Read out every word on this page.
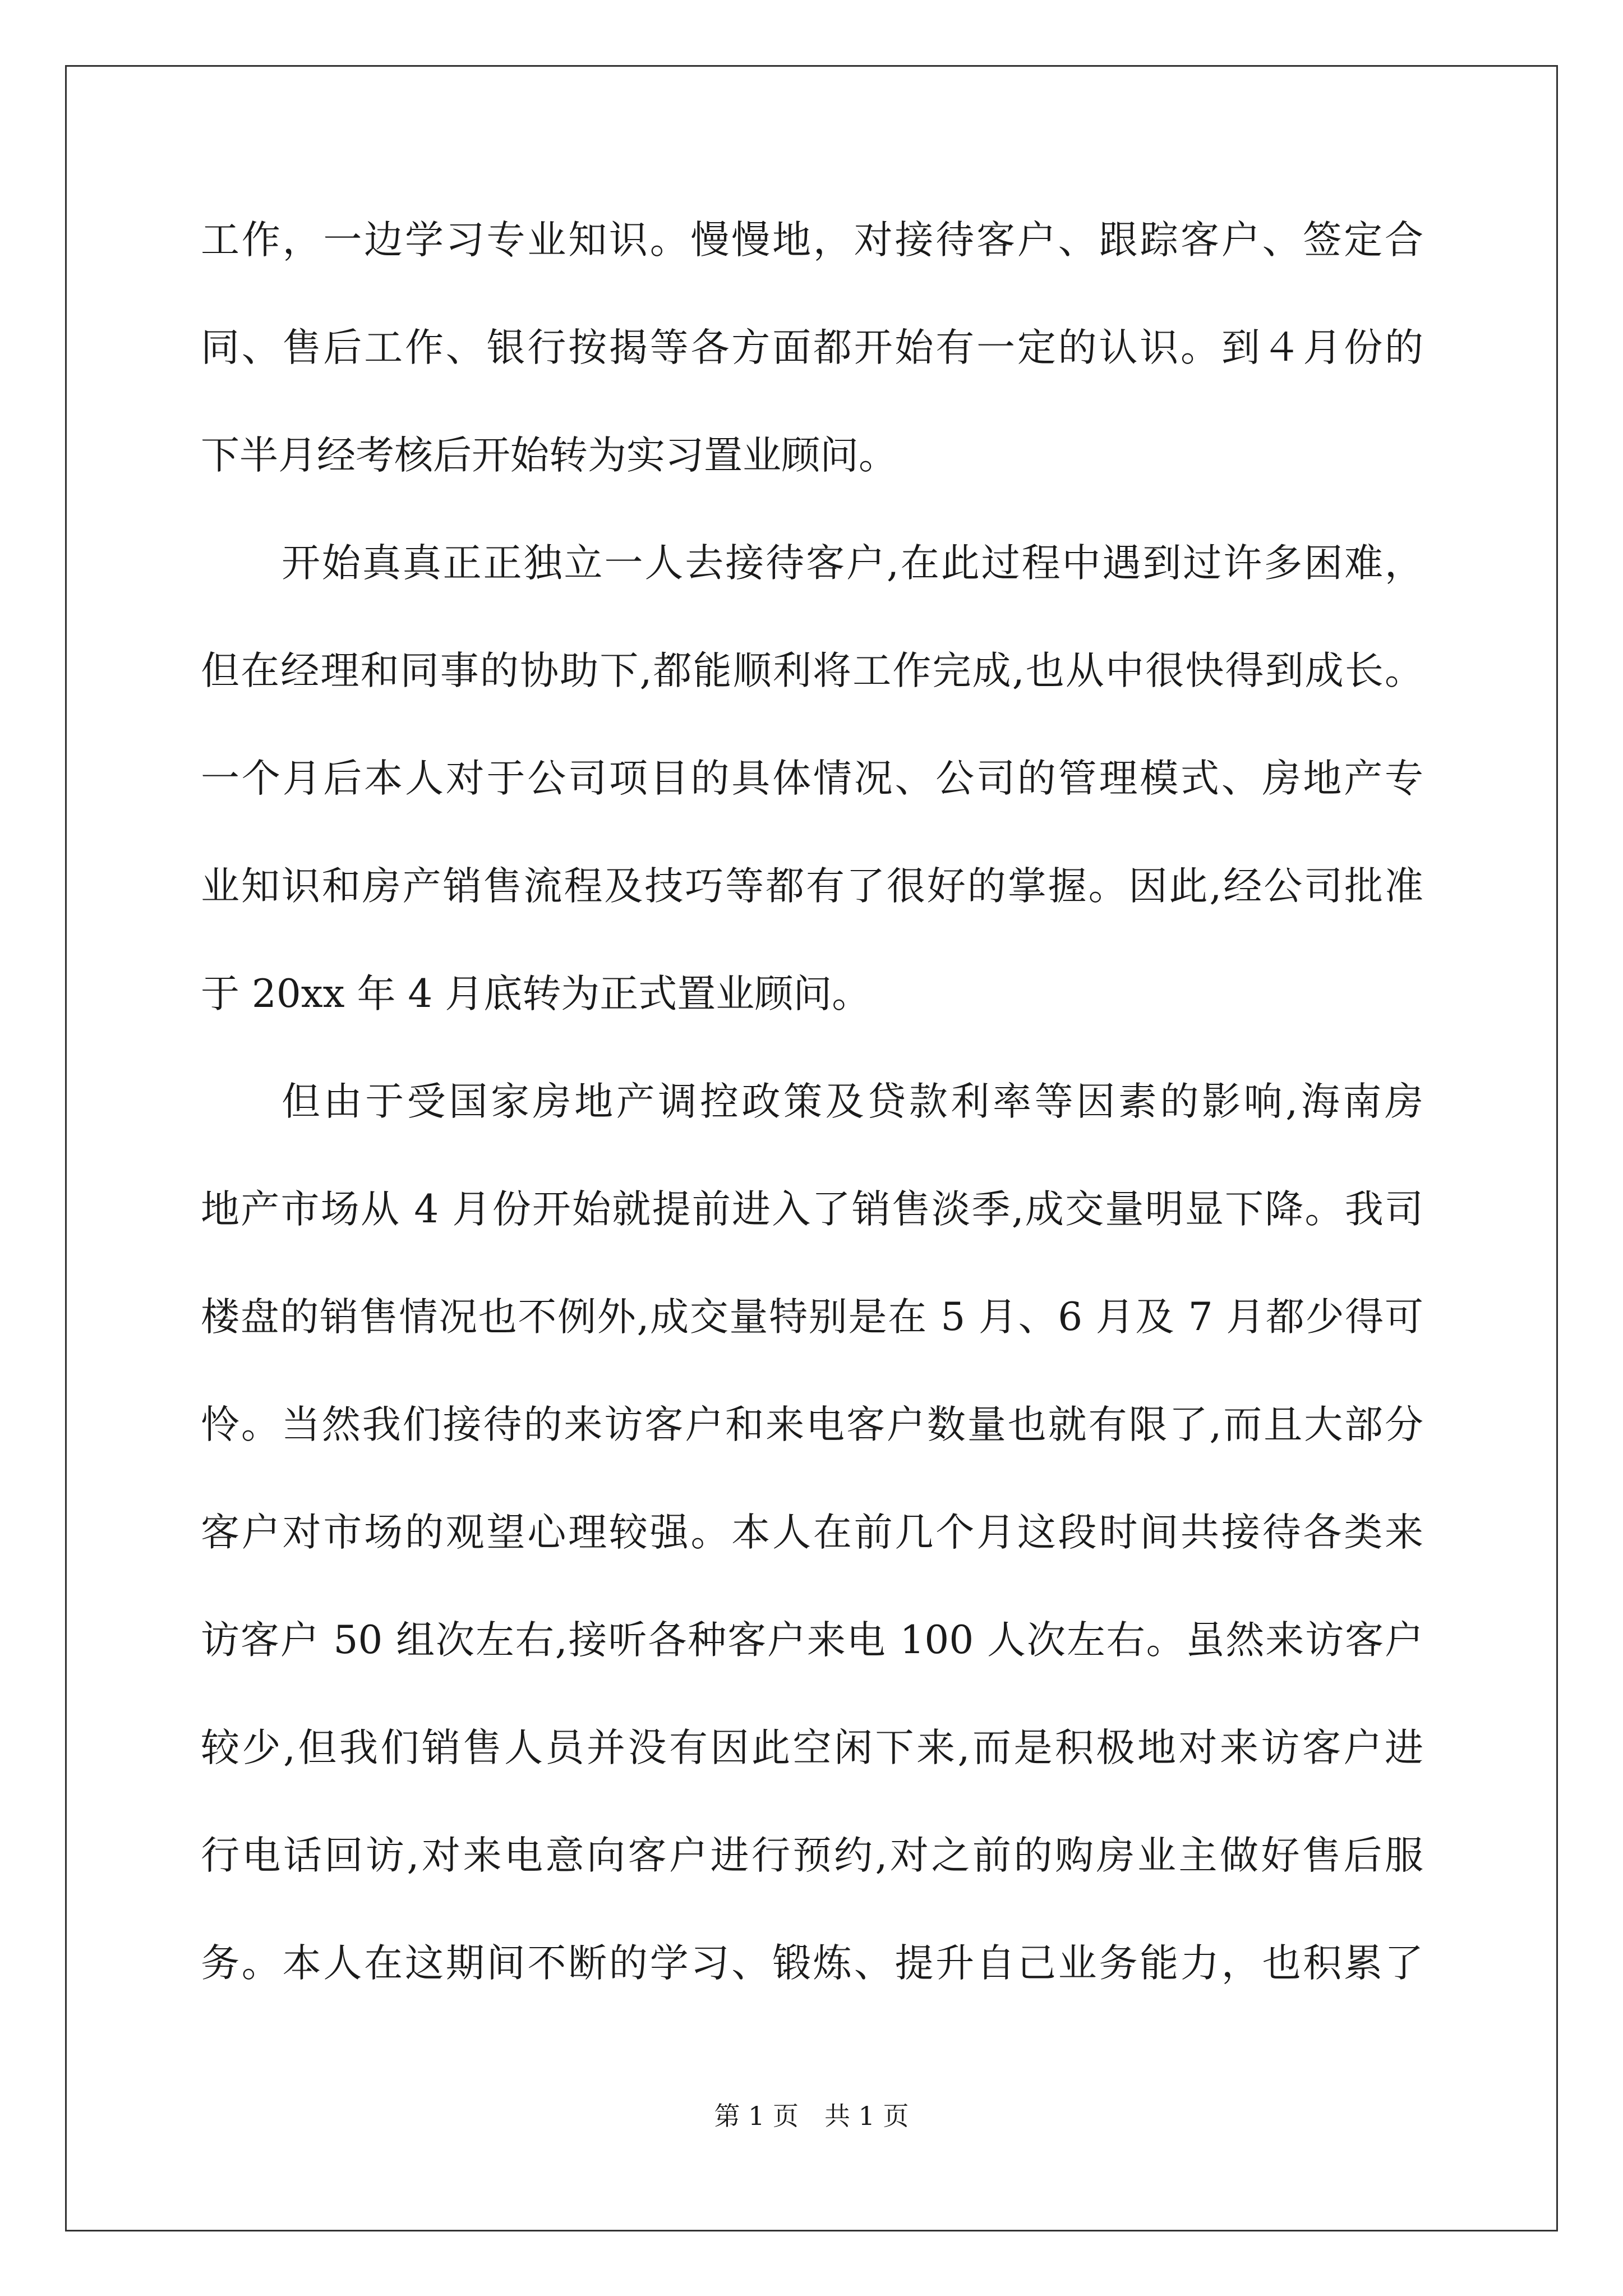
工作，一边学习专业知识。慢慢地，对接待客户、跟踪客户、签定合
同、售后工作、银行按揭等各方面都开始有一定的认识。到４月份的
下半月经考核后开始转为实习置业顾问。
开始真真正正独立一人去接待客户,在此过程中遇到过许多困难，
但在经理和同事的协助下,都能顺利将工作完成,也从中很快得到成长。
一个月后本人对于公司项目的具体情况、公司的管理模式、房地产专
业知识和房产销售流程及技巧等都有了很好的掌握。因此,经公司批准
于 20xx 年 4 月底转为正式置业顾问。
但由于受国家房地产调控政策及贷款利率等因素的影响,海南房
地产市场从 4 月份开始就提前进入了销售淡季,成交量明显下降。我司
楼盘的销售情况也不例外,成交量特别是在 5 月、6 月及 7 月都少得可
怜。当然我们接待的来访客户和来电客户数量也就有限了,而且大部分
客户对市场的观望心理较强。本人在前几个月这段时间共接待各类来
访客户 50 组次左右,接听各种客户来电 100 人次左右。虽然来访客户
较少,但我们销售人员并没有因此空闲下来,而是积极地对来访客户进
行电话回访,对来电意向客户进行预约,对之前的购房业主做好售后服
务。本人在这期间不断的学习、锻炼、提升自己业务能力，也积累了
第 1 页　共 1 页
